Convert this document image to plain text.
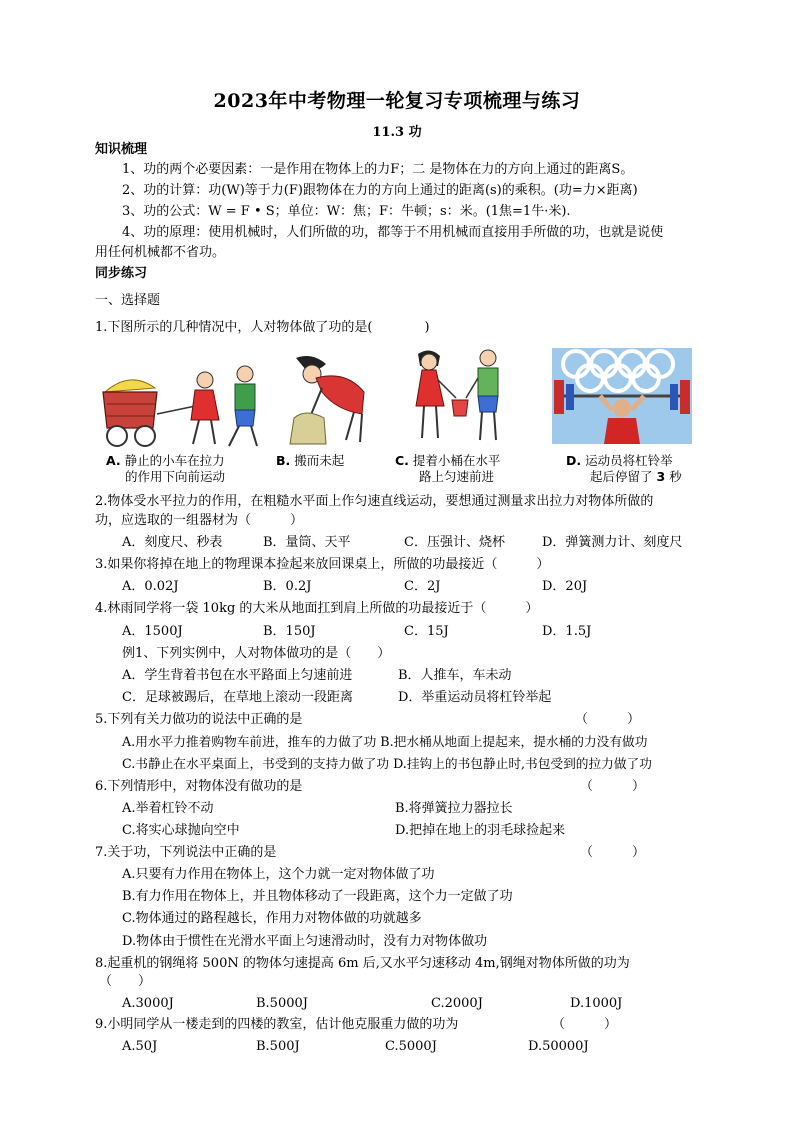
2023年中考物理一轮复习专项梳理与练习
11.3 功
知识梳理
1、功的两个必要因素：一是作用在物体上的力F；二 是物体在力的方向上通过的距离S。
2、功的计算：功(W)等于力(F)跟物体在力的方向上通过的距离(s)的乘积。(功=力×距离)
3、功的公式：W = F • S；单位：W：焦；F：牛顿；s：米。(1焦=1牛·米).
4、功的原理：使用机械时，人们所做的功，都等于不用机械而直接用手所做的功，也就是说使
用任何机械都不省功。
同步练习
一、选择题
1.下图所示的几种情况中，人对物体做了功的是(　　　　)
A. 静止的小车在拉力
的作用下向前运动
B. 搬而未起	C. 提着小桶在水平
路上匀速前进
D. 运动员将杠铃举
起后停留了 3 秒
2.物体受水平拉力的作用，在粗糙水平面上作匀速直线运动，要想通过测量求出拉力对物体所做的
功，应选取的一组器材为（　　　）
A．刻度尺、秒表	B．量筒、天平	C．压强计、烧杯	D．弹簧测力计、刻度尺
3.如果你将掉在地上的物理课本捡起来放回课桌上，所做的功最接近（　　　）
A．0.02J	B．0.2J	C．2J	D．20J
4.林雨同学将一袋 10kg 的大米从地面扛到肩上所做的功最接近于（　　　）
A．1500J	B．150J	C．15J	D．1.5J
例1、下列实例中，人对物体做功的是（　　）
A．学生背着书包在水平路面上匀速前进	B．人推车，车未动
C．足球被踢后，在草地上滚动一段距离	D．举重运动员将杠铃举起
5.下列有关力做功的说法中正确的是	（　　　）
A.用水平力推着购物车前进，推车的力做了功 B.把水桶从地面上提起来，提水桶的力没有做功
C.书静止在水平桌面上，书受到的支持力做了功 D.挂钩上的书包静止时,书包受到的拉力做了功
6.下列情形中，对物体没有做功的是	（　　　）
A.举着杠铃不动	B.将弹簧拉力器拉长
C.将实心球抛向空中	D.把掉在地上的羽毛球捡起来
7.关于功，下列说法中正确的是	（　　　）
A.只要有力作用在物体上，这个力就一定对物体做了功
B.有力作用在物体上，并且物体移动了一段距离，这个力一定做了功
C.物体通过的路程越长，作用力对物体做的功就越多
D.物体由于惯性在光滑水平面上匀速滑动时，没有力对物体做功
8.起重机的钢绳将 500N 的物体匀速提高 6m 后,又水平匀速移动 4m,钢绳对物体所做的功为
（　　）
A.3000J	B.5000J	C.2000J	D.1000J
9.小明同学从一楼走到的四楼的教室，估计他克服重力做的功为	（　　　）
A.50J	B.500J	C.5000J	D.50000J
